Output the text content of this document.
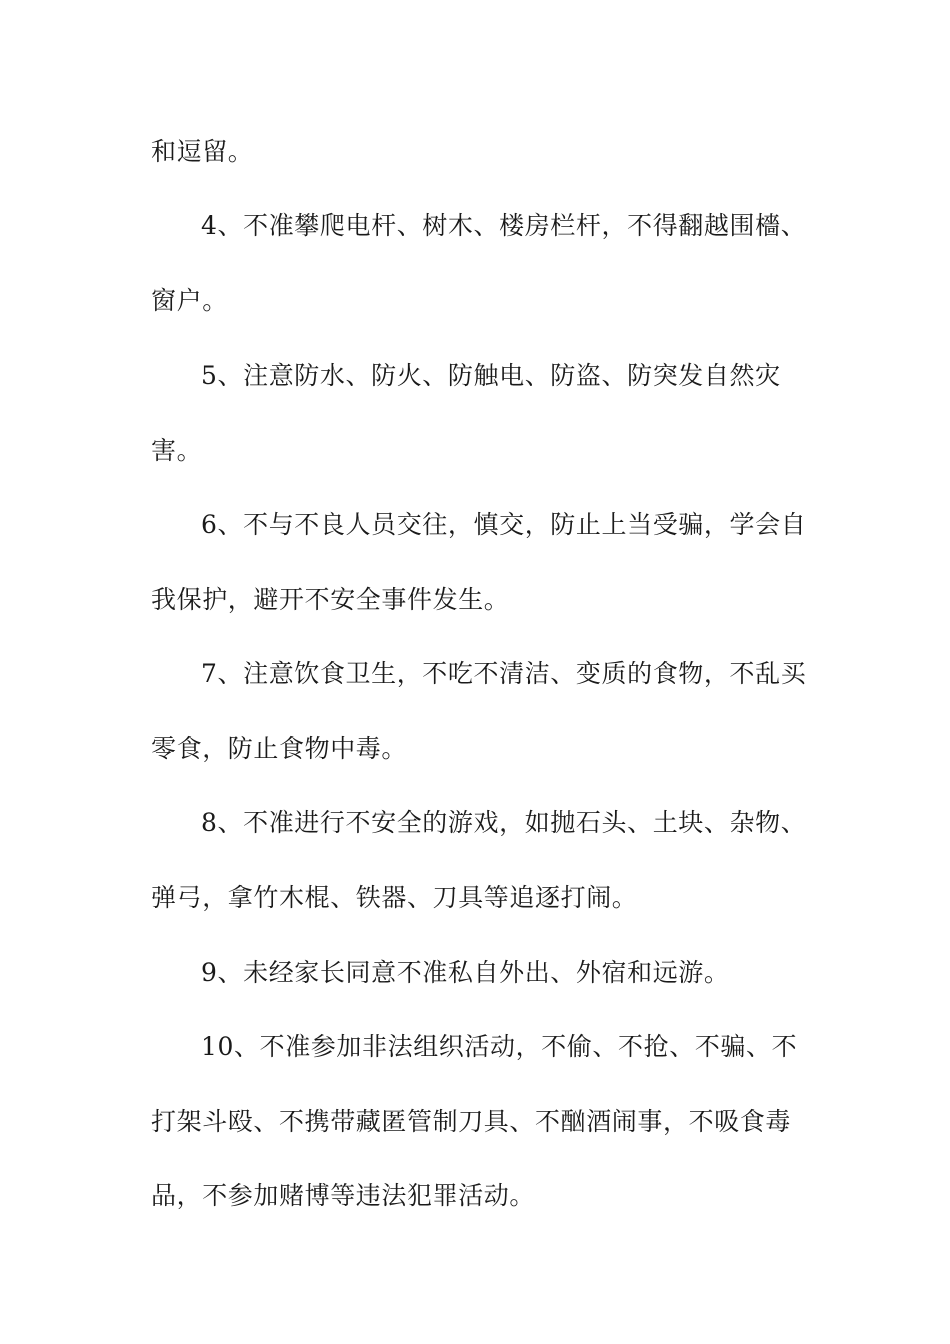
和逗留。
4、不准攀爬电杆、树木、楼房栏杆，不得翻越围檣、
窗户。
5、注意防水、防火、防触电、防盗、防突发自然灾
害。
6、不与不良人员交往，慎交，防止上当受骗，学会自
我保护，避开不安全事件发生。
7、注意饮食卫生，不吃不清洁、变质的食物，不乱买
零食，防止食物中毒。
8、不准进行不安全的游戏，如抛石头、土块、杂物、
弹弓，拿竹木棍、铁器、刀具等追逐打闹。
9、未经家长同意不准私自外出、外宿和远游。
10、不准参加非法组织活动，不偷、不抢、不骗、不
打架斗殴、不携带藏匿管制刀具、不酗酒闹事，不吸食毒
品，不参加赌博等违法犯罪活动。
